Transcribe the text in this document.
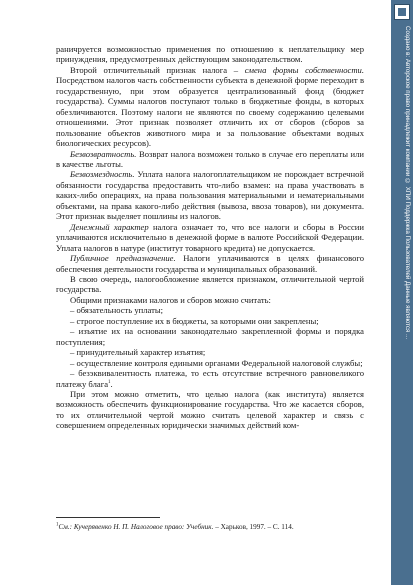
Создано в: Авторское право принадлежит компании © ХПИ Поддержка Пользователей Данные являются ...

раничруется возможностью применения по отношению к неплательщику мер принуждения, предусмотренных действующим законодательством.

Второй отличительный признак налога – смена формы собственности. Посредством налогов часть собственности субъекта в денежной форме переходит в государственную, при этом образуется централизованный фонд (бюджет государства). Суммы налогов поступают только в бюджетные фонды, в которых обезличиваются. Поэтому налоги не являются по своему содержанию целевыми отношениями. Этот признак позволяет отличить их от сборов (сборов за пользование объектов животного мира и за пользование объектами водных биологических ресурсов).

Безвозвратность. Возврат налога возможен только в случае его переплаты или в качестве льготы.

Безвозмездность. Уплата налога налогоплательщиком не порождает встречной обязанности государства предоставить что-либо взамен: на права участвовать в каких-либо операциях, на права пользования материальными и нематериальными объектами, на права какого-либо действия (вывоза, ввоза товаров), ни документа. Этот признак выделяет пошлины из налогов.

Денежный характер налога означает то, что все налоги и сборы в России уплачиваются исключительно в денежной форме в валюте Российской Федерации. Уплата налогов в натуре (институт товарного кредита) не допускается.

Публичное предназначение. Налоги уплачиваются в целях финансового обеспечения деятельности государства и муниципальных образований.

В свою очередь, налогообложение является признаком, отличительной чертой государства.

Общими признаками налогов и сборов можно считать:

– обязательность уплаты;

– строгое поступление их в бюджеты, за которыми они закреплены;

– изъятие их на основании законодательно закрепленной формы и порядка поступления;

– принудительный характер изъятия;

– осуществление контроля едиными органами Федеральной налоговой службы;

– безэквивалентность платежа, то есть отсутствие встречного равновеликого платежу блага$^1$.

При этом можно отметить, что целью налога (как института) является возможность обеспечить функционирование государства. Что же касается сборов, то их отличительной чертой можно считать целевой характер и связь с совершением определенных юридически значимых действий ком-

$^1$См.: Кучерявенко Н. П. Налоговое право: Учебник. – Харьков, 1997. – С. 114.
